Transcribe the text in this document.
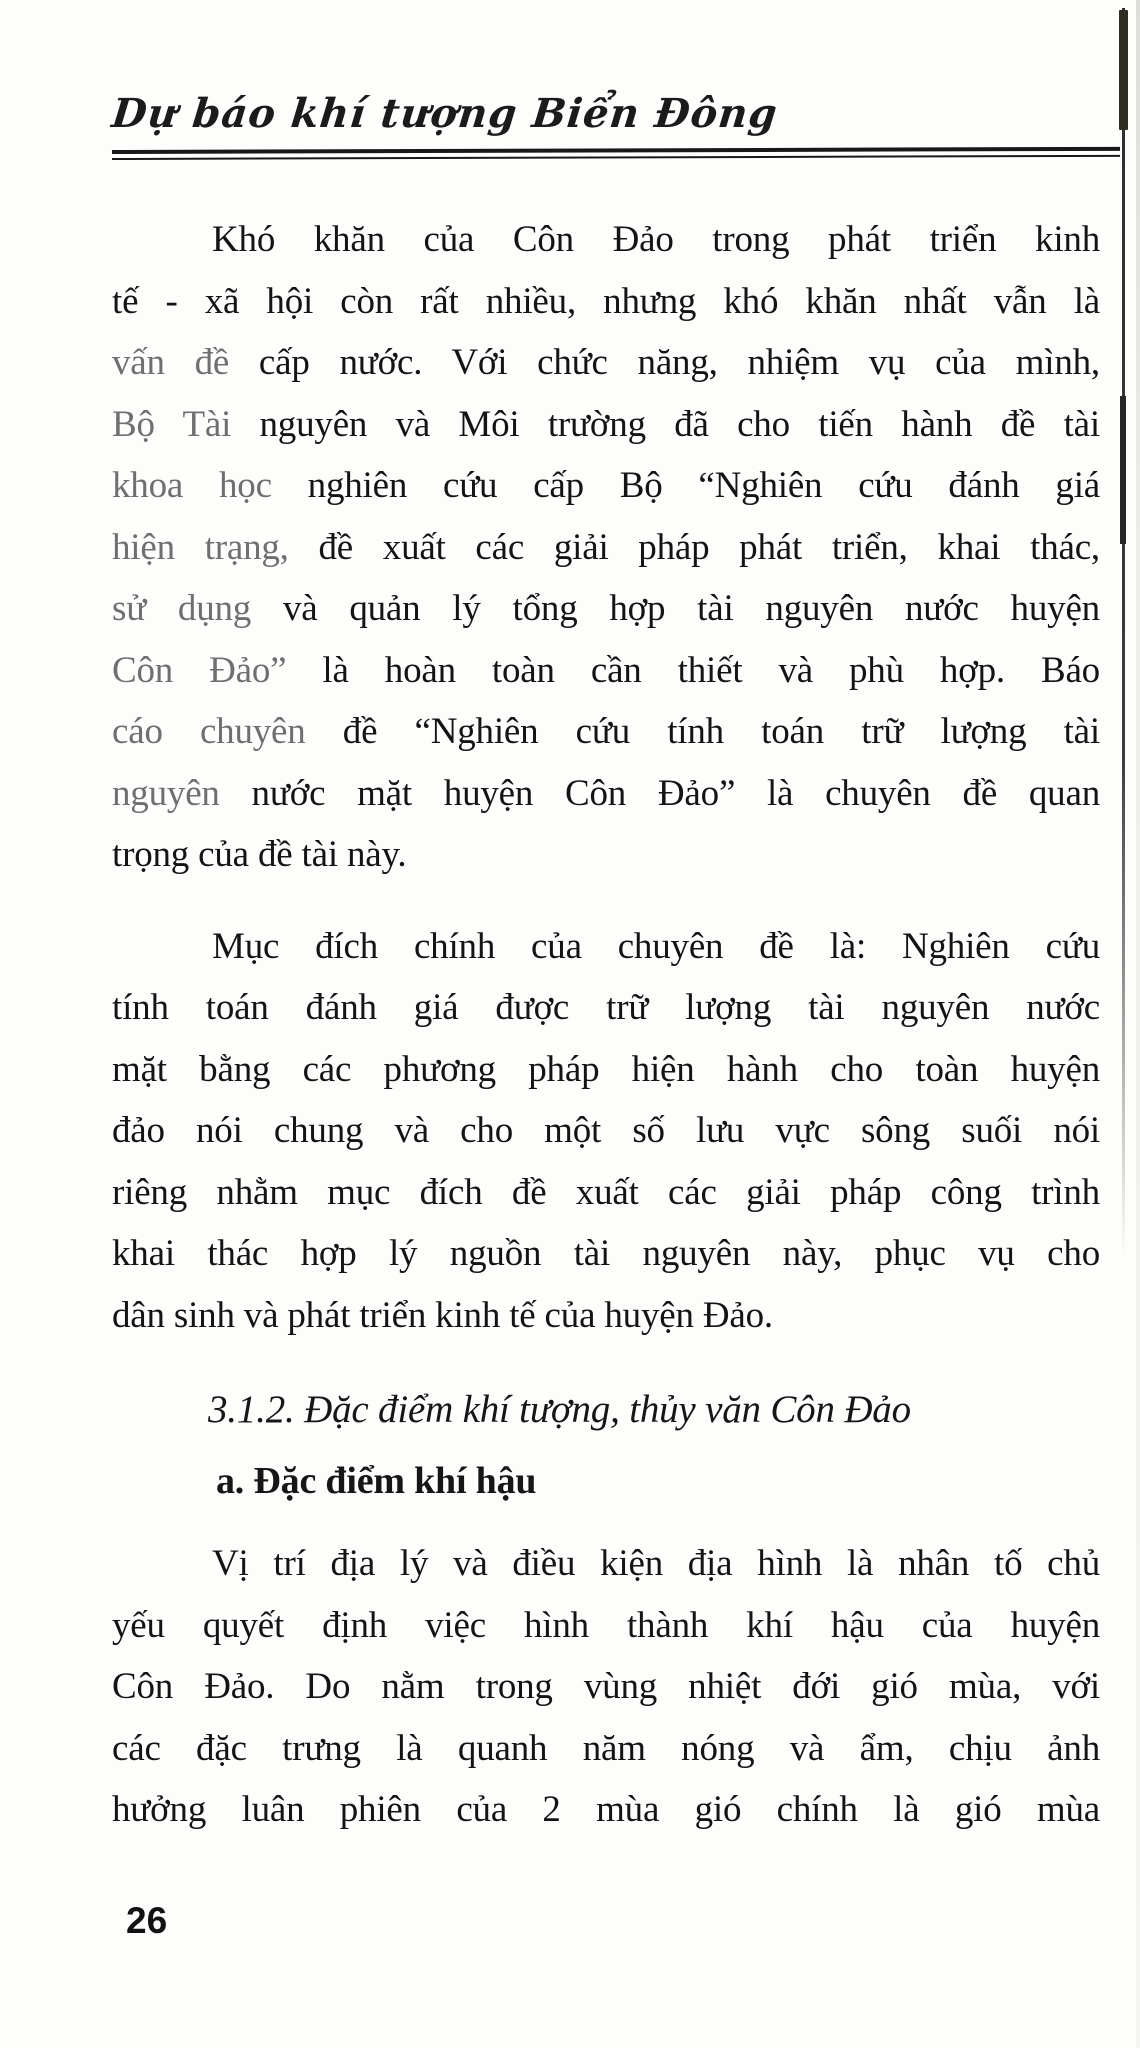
Dự báo khí tượng Biển Đông
Khó khăn của Côn Đảo trong phát triển kinh
tế - xã hội còn rất nhiều, nhưng khó khăn nhất vẫn là
vấn đề cấp nước. Với chức năng, nhiệm vụ của mình,
Bộ Tài nguyên và Môi trường đã cho tiến hành đề tài
khoa học nghiên cứu cấp Bộ “Nghiên cứu đánh giá
hiện trạng, đề xuất các giải pháp phát triển, khai thác,
sử dụng và quản lý tổng hợp tài nguyên nước huyện
Côn Đảo” là hoàn toàn cần thiết và phù hợp. Báo
cáo chuyên đề “Nghiên cứu tính toán trữ lượng tài
nguyên nước mặt huyện Côn Đảo” là chuyên đề quan
trọng của đề tài này.
Mục đích chính của chuyên đề là: Nghiên cứu
tính toán đánh giá được trữ lượng tài nguyên nước
mặt bằng các phương pháp hiện hành cho toàn huyện
đảo nói chung và cho một số lưu vực sông suối nói
riêng nhằm mục đích đề xuất các giải pháp công trình
khai thác hợp lý nguồn tài nguyên này, phục vụ cho
dân sinh và phát triển kinh tế của huyện Đảo.
3.1.2. Đặc điểm khí tượng, thủy văn Côn Đảo
a. Đặc điểm khí hậu
Vị trí địa lý và điều kiện địa hình là nhân tố chủ
yếu quyết định việc hình thành khí hậu của huyện
Côn Đảo. Do nằm trong vùng nhiệt đới gió mùa, với
các đặc trưng là quanh năm nóng và ẩm, chịu ảnh
hưởng luân phiên của 2 mùa gió chính là gió mùa
26
